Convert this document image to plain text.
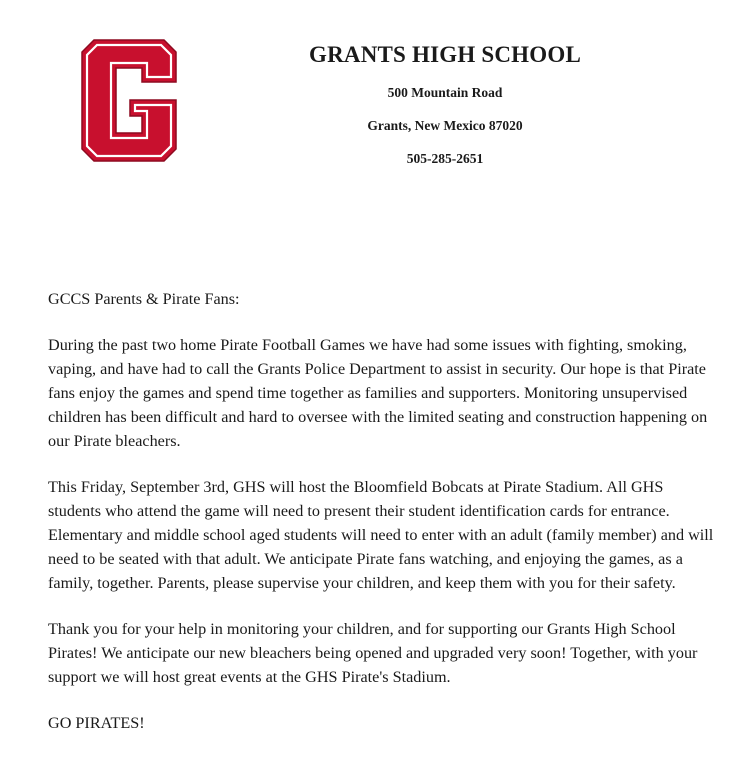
GRANTS HIGH SCHOOL
500 Mountain Road
Grants, New Mexico 87020
505-285-2651

GCCS Parents & Pirate Fans:

During the past two home Pirate Football Games we have had some issues with fighting, smoking, vaping, and have had to call the Grants Police Department to assist in security. Our hope is that Pirate fans enjoy the games and spend time together as families and supporters. Monitoring unsupervised children has been difficult and hard to oversee with the limited seating and construction happening on our Pirate bleachers.

This Friday, September 3rd, GHS will host the Bloomfield Bobcats at Pirate Stadium. All GHS students who attend the game will need to present their student identification cards for entrance. Elementary and middle school aged students will need to enter with an adult (family member) and will need to be seated with that adult. We anticipate Pirate fans watching, and enjoying the games, as a family, together. Parents, please supervise your children, and keep them with you for their safety.

Thank you for your help in monitoring your children, and for supporting our Grants High School Pirates! We anticipate our new bleachers being opened and upgraded very soon! Together, with your support we will host great events at the GHS Pirate's Stadium.

GO PIRATES!
